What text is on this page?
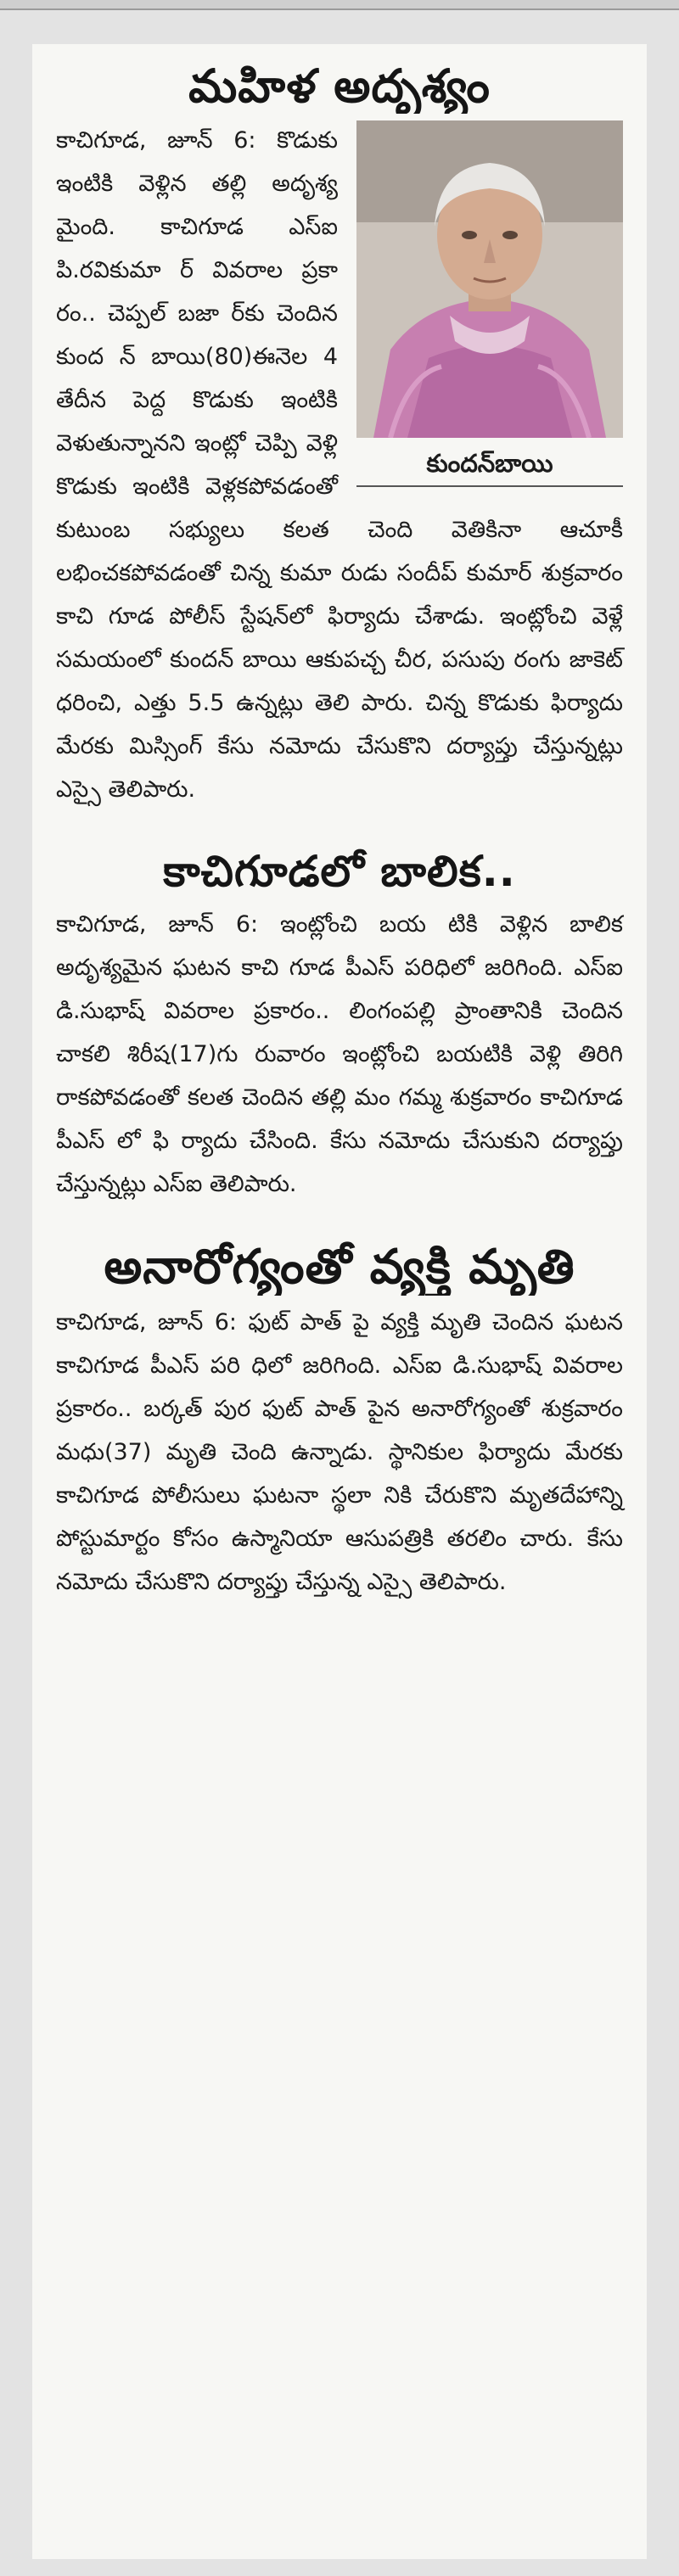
మహిళ అదృశ్యం
కుందన్‌బాయి

కాచిగూడ, జూన్ 6: కొడుకు ఇంటికి వెళ్లిన తల్లి అదృశ్య మైంది. కాచిగూడ ఎస్ఐ పి.రవికుమా ర్ వివరాల ప్రకా రం.. చెప్పల్ బజా ర్‌కు చెందిన కుంద న్ బాయి(80)ఈనెల 4 తేదీన పెద్ద కొడుకు ఇంటికి వెళుతున్నానని ఇంట్లో చెప్పి వెళ్లి కొడుకు ఇంటికి వెళ్లకపోవడంతో కుటుంబ సభ్యులు కలత చెంది వెతికినా ఆచూకీ లభించకపోవడంతో చిన్న కుమా రుడు సందీప్ కుమార్ శుక్రవారం కాచి గూడ పోలీస్ స్టేషన్‌లో ఫిర్యాదు చేశాడు. ఇంట్లోంచి వెళ్లే సమయంలో కుందన్ బాయి ఆకుపచ్చ చీర, పసుపు రంగు జాకెట్ ధరించి, ఎత్తు 5.5 ఉన్నట్లు తెలి పారు. చిన్న కొడుకు ఫిర్యాదు మేరకు మిస్సింగ్ కేసు నమోదు చేసుకొని దర్యాప్తు చేస్తున్నట్లు ఎస్సై తెలిపారు.

కాచిగూడలో బాలిక..

కాచిగూడ, జూన్ 6: ఇంట్లోంచి బయ టికి వెళ్లిన బాలిక అదృశ్యమైన ఘటన కాచి గూడ పీఎస్ పరిధిలో జరిగింది. ఎస్ఐ డి.సుభాష్ వివరాల ప్రకారం.. లింగంపల్లి ప్రాంతానికి చెందిన చాకలి శిరీష(17)గు రువారం ఇంట్లోంచి బయటికి వెళ్లి తిరిగి రాకపోవడంతో కలత చెందిన తల్లి మం గమ్మ శుక్రవారం కాచిగూడ పీఎస్ లో ఫి ర్యాదు చేసింది. కేసు నమోదు చేసుకుని దర్యాప్తు చేస్తున్నట్లు ఎస్ఐ తెలిపారు.

అనారోగ్యంతో వ్యక్తి మృతి

కాచిగూడ, జూన్ 6: ఫుట్ పాత్ పై వ్యక్తి మృతి చెందిన ఘటన కాచిగూడ పీఎస్ పరి ధిలో జరిగింది. ఎస్ఐ డి.సుభాష్ వివరాల ప్రకారం.. బర్కత్ పుర ఫుట్ పాత్ పైన అనారోగ్యంతో శుక్రవారం మధు(37) మృతి చెంది ఉన్నాడు. స్థానికుల ఫిర్యాదు మేరకు కాచిగూడ పోలీసులు ఘటనా స్థలా నికి చేరుకొని మృతదేహాన్ని పోస్టుమార్టం కోసం ఉస్మానియా ఆసుపత్రికి తరలిం చారు. కేసు నమోదు చేసుకొని దర్యాప్తు చేస్తున్న ఎస్సై తెలిపారు.
